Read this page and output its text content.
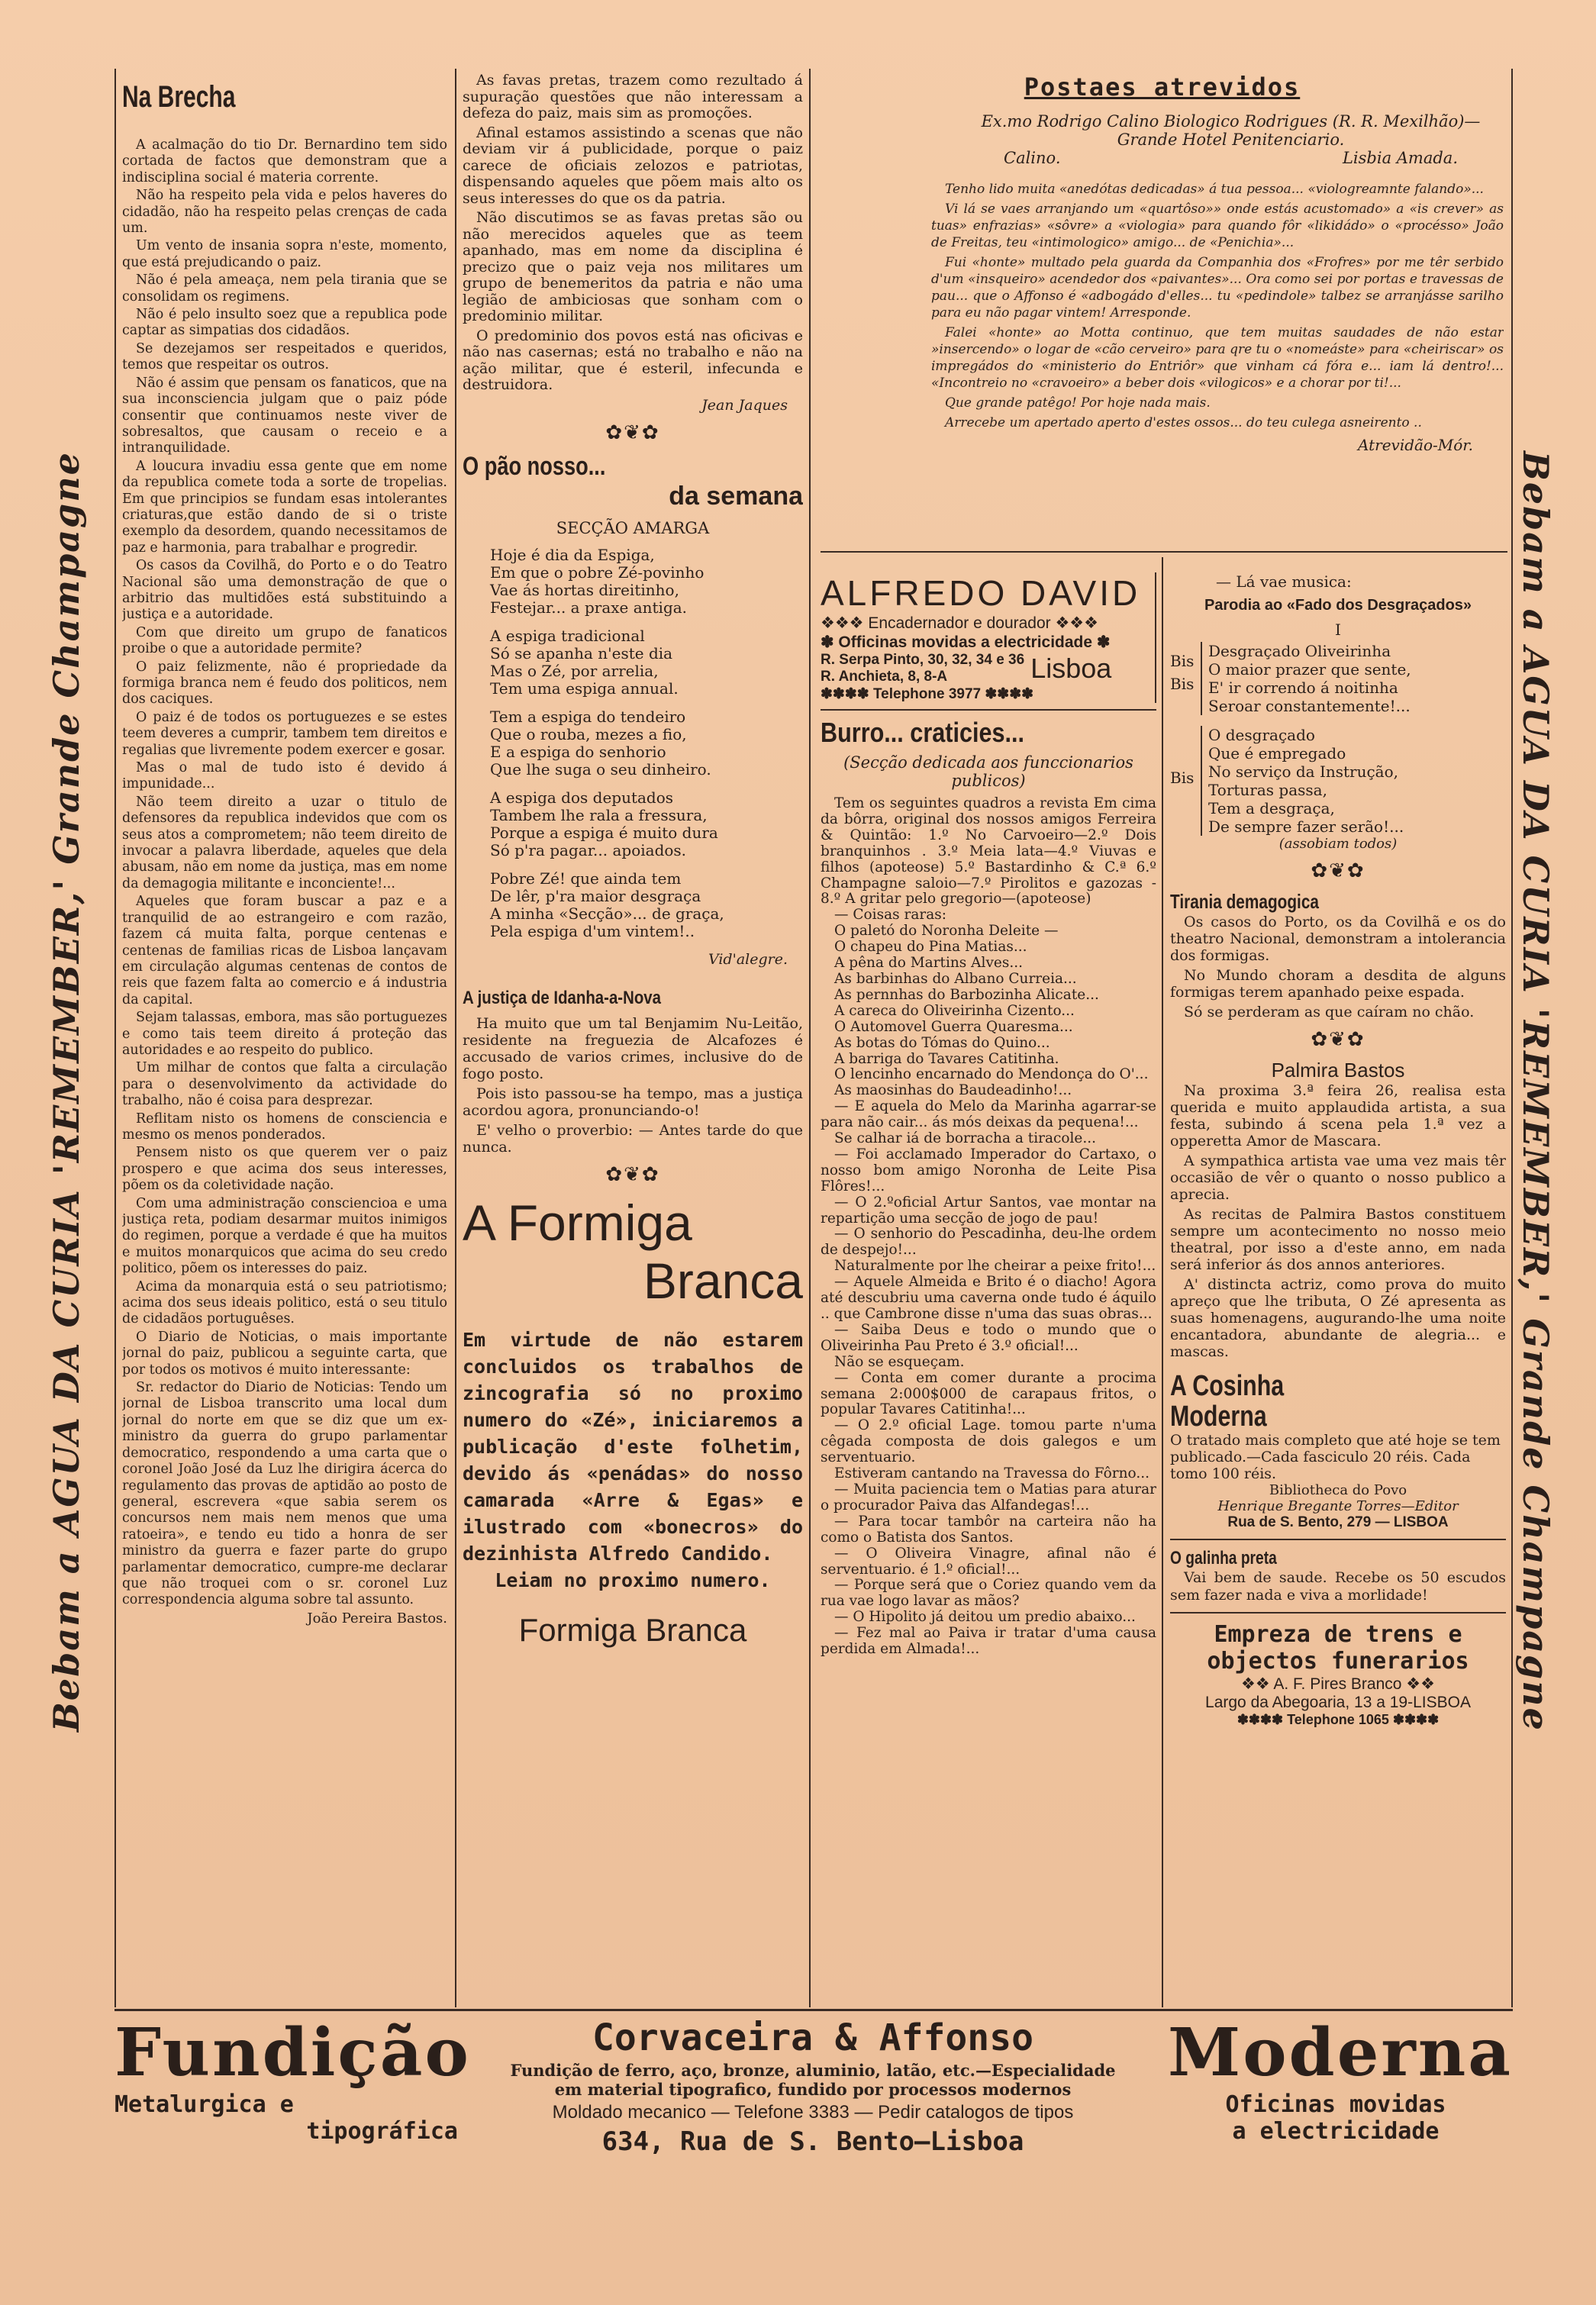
Bebam a AGUA DA CURIA 'REMEMBER,' Grande Champagne	Bebam a AGUA DA CURIA 'REMEMBER,' Grande Champagne
Na Brecha
A acalmação do tio Dr. Bernardino tem sido cortada de factos que demonstram que a indisciplina social é materia corrente.
Não ha respeito pela vida e pelos haveres do cidadão, não ha respeito pelas crenças de cada um.
Um vento de insania sopra n'este, momento, que está prejudicando o paiz.
Não é pela ameaça, nem pela tirania que se consolidam os regimens.
Não é pelo insulto soez que a republica pode captar as simpatias dos cidadãos.
Se dezejamos ser respeitados e queridos, temos que respeitar os outros.
Não é assim que pensam os fanaticos, que na sua inconsciencia julgam que o paiz póde consentir que continuamos neste viver de sobresaltos, que causam o receio e a intranquilidade.
A loucura invadiu essa gente que em nome da republica comete toda a sorte de tropelias. Em que principios se fundam esas intolerantes criaturas,que estão dando de si o triste exemplo da desordem, quando necessitamos de paz e harmonia, para trabalhar e progredir.
Os casos da Covilhã, do Porto e o do Teatro Nacional são uma demonstração de que o arbitrio das multidões está substituindo a justiça e a autoridade.
Com que direito um grupo de fanaticos proibe o que a autoridade permite?
O paiz felizmente, não é propriedade da formiga branca nem é feudo dos politicos, nem dos caciques.
O paiz é de todos os portuguezes e se estes teem deveres a cumprir, tambem tem direitos e regalias que livremente podem exercer e gosar.
Mas o mal de tudo isto é devido á impunidade...
Não teem direito a uzar o titulo de defensores da republica indevidos que com os seus atos a comprometem; não teem direito de invocar a palavra liberdade, aqueles que dela abusam, não em nome da justiça, mas em nome da demagogia militante e inconciente!...
Aqueles que foram buscar a paz e a tranquilid de ao estrangeiro e com razão, fazem cá muita falta, porque centenas e centenas de familias ricas de Lisboa lançavam em circulação algumas centenas de contos de reis que fazem falta ao comercio e á industria da capital.
Sejam talassas, embora, mas são portuguezes e como tais teem direito á proteção das autoridades e ao respeito do publico.
Um milhar de contos que falta a circulação para o desenvolvimento da actividade do trabalho, não é coisa para desprezar.
Reflitam nisto os homens de consciencia e mesmo os menos ponderados.
Pensem nisto os que querem ver o paiz prospero e que acima dos seus interesses, põem os da coletividade nação.
Com uma administração consciencioa e uma justiça reta, podiam desarmar muitos inimigos do regimen, porque a verdade é que ha muitos e muitos monarquicos que acima do seu credo politico, põem os interesses do paiz.
Acima da monarquia está o seu patriotismo; acima dos seus ideais politico, está o seu titulo de cidadãos portuguêses.
O Diario de Noticias, o mais importante jornal do paiz, publicou a seguinte carta, que por todos os motivos é muito interessante:
Sr. redactor do Diario de Noticias: Tendo um jornal de Lisboa transcrito uma local dum jornal do norte em que se diz que um ex-ministro da guerra do grupo parlamentar democratico, respondendo a uma carta que o coronel João José da Luz lhe dirigira ácerca do regulamento das provas de aptidão ao posto de general, escrevera «que sabia serem os concursos nem mais nem menos que uma ratoeira», e tendo eu tido a honra de ser ministro da guerra e fazer parte do grupo parlamentar democratico, cumpre-me declarar que não troquei com o sr. coronel Luz correspondencia alguma sobre tal assunto.
João Pereira Bastos.
As favas pretas, trazem como rezultado á supuração questões que não interessam a defeza do paiz, mais sim as promoções.
Afinal estamos assistindo a scenas que não deviam vir á publicidade, porque o paiz carece de oficiais zelozos e patriotas, dispensando aqueles que põem mais alto os seus interesses do que os da patria.
Não discutimos se as favas pretas são ou não merecidos aqueles que as teem apanhado, mas em nome da disciplina é precizo que o paiz veja nos militares um grupo de benemeritos da patria e não uma legião de ambiciosas que sonham com o predominio militar.
O predominio dos povos está nas oficivas e não nas casernas; está no trabalho e não na ação militar, que é esteril, infecunda e destruidora.
Jean Jaques
✿❦✿
O pão nosso...
da semana
SECÇÃO AMARGA
Hoje é dia da Espiga,
Em que o pobre Zé-povinho
Vae ás hortas direitinho,
Festejar... a praxe antiga.
A espiga tradicional
Só se apanha n'este dia
Mas o Zé, por arrelia,
Tem uma espiga annual.
Tem a espiga do tendeiro
Que o rouba, mezes a fio,
E a espiga do senhorio
Que lhe suga o seu dinheiro.
A espiga dos deputados
Tambem lhe rala a fressura,
Porque a espiga é muito dura
Só p'ra pagar... apoiados.
Pobre Zé! que ainda tem
De lêr, p'ra maior desgraça
A minha «Secção»... de graça,
Pela espiga d'um vintem!..
Vid'alegre.
A justiça de Idanha-a-Nova
Ha muito que um tal Benjamim Nu-Leitão, residente na freguezia de Alcafozes é accusado de varios crimes, inclusive do de fogo posto.
Pois isto passou-se ha tempo, mas a justiça acordou agora, pronunciando-o!
E' velho o proverbio: — Antes tarde do que nunca.
✿❦✿
A Formiga
Branca
Em virtude de não estarem concluidos os trabalhos de zincografia só no proximo numero do «Zé», iniciaremos a publicação d'este folhetim, devido ás «penádas» do nosso camarada «Arre & Egas» e ilustrado com «bonecros» do dezinhista Alfredo Candido.
Leiam no proximo numero.
Formiga Branca
Postaes atrevidos
Ex.mo Rodrigo Calino Biologico Rodrigues (R. R. Mexilhão)—Grande Hotel Penitenciario.
Calino.	Lisbia Amada.
Tenho lido muita «anedótas dedicadas» á tua pessoa... «viologreamnte falando»...
Vi lá se vaes arranjando um «quartôso»» onde estás acustomado» a «is crever» as tuas» enfrazias» «sôvre» a «viologia» para quando fôr «likidádo» o «procésso» João de Freitas, teu «intimologico» amigo... de «Penichia»...
Fui «honte» multado pela guarda da Companhia dos «Frofres» por me têr serbido d'um «insqueiro» acendedor dos «paivantes»... Ora como sei por portas e travessas de pau... que o Affonso é «adbogádo d'elles... tu «pedindole» talbez se arranjásse sarilho para eu não pagar vintem! Arresponde.
Falei «honte» ao Motta continuo, que tem muitas saudades de não estar »insercendo» o logar de «cão cerveiro» para qre tu o «nomeáste» para «cheiriscar» os impregádos do «ministerio do Entriôr» que vinham cá fóra e... iam lá dentro!... «Incontreio no «cravoeiro» a beber dois «vilogicos» e a chorar por ti!...
Que grande patêgo! Por hoje nada mais.
Arrecebe um apertado aperto d'estes ossos... do teu culega asneirento ..
Atrevidão-Mór.
ALFREDO DAVID
❖❖❖ Encadernador e dourador ❖❖❖
✽ Officinas movidas a electricidade ✽
R. Serpa Pinto, 30, 32, 34 e 36
R. Anchieta, 8, 8-A	Lisboa
✽✽✽✽ Telephone 3977 ✽✽✽✽
Burro... craticies...
(Secção dedicada aos funccionarios publicos)
Tem os seguintes quadros a revista Em cima da bôrra, original dos nossos amigos Ferreira & Quintão: 1.º No Carvoeiro—2.º Dois branquinhos . 3.º Meia lata—4.º Viuvas e filhos (apoteose) 5.º Bastardinho & C.ª 6.º Champagne saloio—7.º Pirolitos e gazozas - 8.º A gritar pelo gregorio—(apoteose)
— Coisas raras:
O paletó do Noronha Deleite —
O chapeu do Pina Matias...
A pêna do Martins Alves...
As barbinhas do Albano Curreia...
As pernnhas do Barbozinha Alicate...
A careca do Oliveirinha Cizento...
O Automovel Guerra Quaresma...
As botas do Tómas do Quino...
A barriga do Tavares Catitinha.
O lencinho encarnado do Mendonça do O'...
As maosinhas do Baudeadinho!...
— E aquela do Melo da Marinha agarrar-se para não cair... ás mós deixas da pequena!...
Se calhar iá de borracha a tiracole...
— Foi acclamado Imperador do Cartaxo, o nosso bom amigo Noronha de Leite Pisa Flôres!...
— O 2.ºoficial Artur Santos, vae montar na repartição uma secção de jogo de pau!
— O senhorio do Pescadinha, deu-lhe ordem de despejo!...
Naturalmente por lhe cheirar a peixe frito!...
— Aquele Almeida e Brito é o diacho! Agora até descubriu uma caverna onde tudo é áquilo .. que Cambrone disse n'uma das suas obras...
— Saiba Deus e todo o mundo que o Oliveirinha Pau Preto é 3.º oficial!...
Não se esqueçam.
— Conta em comer durante a procima semana 2:000$000 de carapaus fritos, o popular Tavares Catitinha!...
— O 2.º oficial Lage. tomou parte n'uma cêgada composta de dois galegos e um serventuario.
Estiveram cantando na Travessa do Fôrno...
— Muita paciencia tem o Matias para aturar o procurador Paiva das Alfandegas!...
— Para tocar tambôr na carteira não ha como o Batista dos Santos.
— O Oliveira Vinagre, afinal não é serventuario. é 1.º oficial!...
— Porque será que o Coriez quando vem da rua vae logo lavar as mãos?
— O Hipolito já deitou um predio abaixo...
— Fez mal ao Paiva ir tratar d'uma causa perdida em Almada!...
— Lá vae musica:
Parodia ao «Fado dos Desgraçados»
I
Bis
Bis
Desgraçado Oliveirinha
O maior prazer que sente,
E' ir correndo á noitinha
Seroar constantemente!...
Bis
O desgraçado
Que é empregado
No serviço da Instrução,
Torturas passa,
Tem a desgraça,
De sempre fazer serão!...
(assobiam todos)
✿❦✿
Tirania demagogica
Os casos do Porto, os da Covilhã e os do theatro Nacional, demonstram a intolerancia dos formigas.
No Mundo choram a desdita de alguns formigas terem apanhado peixe espada.
Só se perderam as que caíram no chão.
✿❦✿
Palmira Bastos
Na proxima 3.ª feira 26, realisa esta querida e muito applaudida artista, a sua festa, subindo á scena pela 1.ª vez a opperetta Amor de Mascara.
A sympathica artista vae uma vez mais têr occasião de vêr o quanto o nosso publico a aprecia.
As recitas de Palmira Bastos constituem sempre um acontecimento no nosso meio theatral, por isso a d'este anno, em nada será inferior ás dos annos anteriores.
A' distincta actriz, como prova do muito apreço que lhe tributa, O Zé apresenta as suas homenagens, augurando-lhe uma noite encantadora, abundante de alegria... e mascas.
A Cosinha Moderna
O tratado mais completo que até hoje se tem publicado.—Cada fasciculo 20 réis. Cada tomo 100 réis.
Bibliotheca do Povo
Henrique Bregante Torres—Editor
Rua de S. Bento, 279 — LISBOA
O galinha preta
Vai bem de saude. Recebe os 50 escudos sem fazer nada e viva a morlidade!
Empreza de trens e
objectos funerarios
❖❖ A. F. Pires Branco ❖❖
Largo da Abegoaria, 13 a 19-LISBOA
✽✽✽✽ Telephone 1065 ✽✽✽✽
Fundição
Metalurgica e
tipográfica
Corvaceira & Affonso
Fundição de ferro, aço, bronze, aluminio, latão, etc.—Especialidade
em material tipografico, fundido por processos modernos
Moldado mecanico — Telefone 3383 — Pedir catalogos de tipos
634, Rua de S. Bento—Lisboa
Moderna
Oficinas movidas
a electricidade
